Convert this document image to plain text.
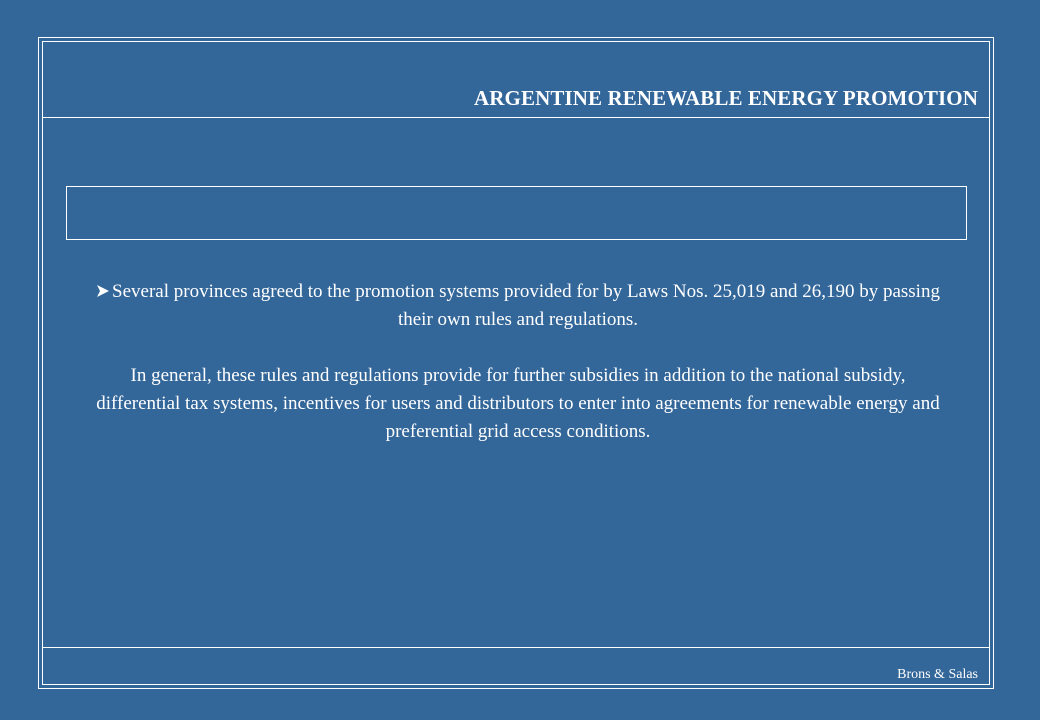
ARGENTINE RENEWABLE ENERGY PROMOTION

Several provinces agreed to the promotion systems provided for by Laws Nos. 25,019 and 26,190 by passing their own rules and regulations.

In general, these rules and regulations provide for further subsidies in addition to the national subsidy, differential tax systems, incentives for users and distributors to enter into agreements for renewable energy and preferential grid access conditions.

Brons & Salas
